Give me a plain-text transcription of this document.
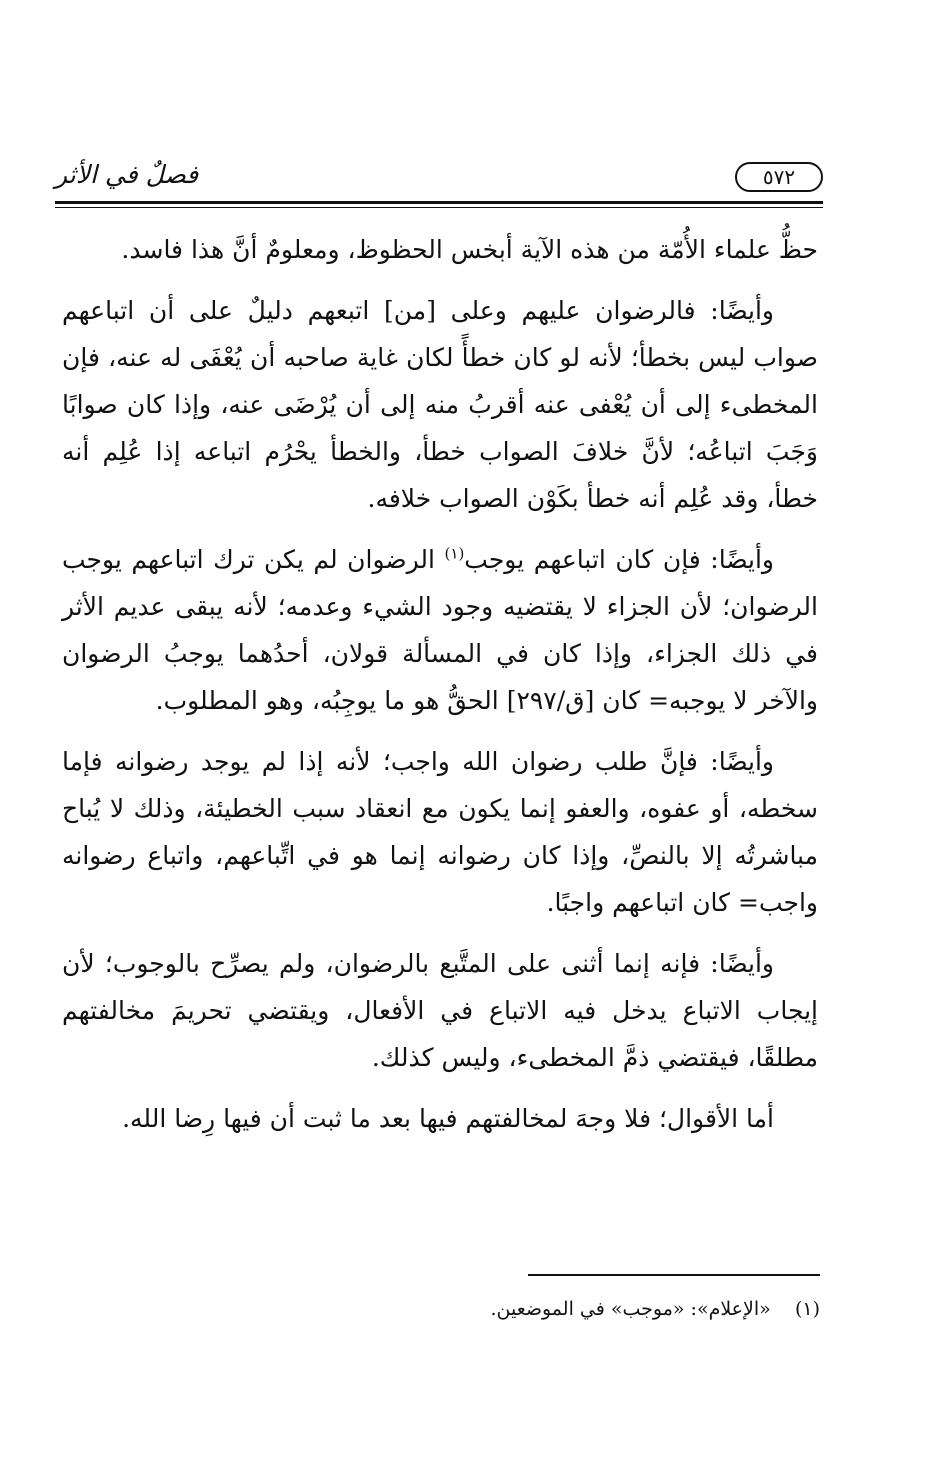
٥٧٢
فصلٌ في الأثر

حظُّ علماء الأُمّة من هذه الآية أبخس الحظوظ، ومعلومٌ أنَّ هذا فاسد.

وأيضًا: فالرضوان عليهم وعلى [من] اتبعهم دليلٌ على أن اتباعهم صواب ليس بخطأ؛ لأنه لو كان خطأً لكان غاية صاحبه أن يُعْفَى له عنه، فإن المخطىء إلى أن يُعْفى عنه أقربُ منه إلى أن يُرْضَى عنه، وإذا كان صوابًا وَجَبَ اتباعُه؛ لأنَّ خلافَ الصواب خطأ، والخطأ يحْرُم اتباعه إذا عُلِم أنه خطأ، وقد عُلِم أنه خطأ بكَوْن الصواب خلافه.

وأيضًا: فإن كان اتباعهم يوجب$^{(١)}$ الرضوان لم يكن ترك اتباعهم يوجب الرضوان؛ لأن الجزاء لا يقتضيه وجود الشيء وعدمه؛ لأنه يبقى عديم الأثر في ذلك الجزاء، وإذا كان في المسألة قولان، أحدُهما يوجبُ الرضوان والآخر لا يوجبه= كان [ق/٢٩٧] الحقُّ هو ما يوجِبُه، وهو المطلوب.

وأيضًا: فإنَّ طلب رضوان الله واجب؛ لأنه إذا لم يوجد رضوانه فإما سخطه، أو عفوه، والعفو إنما يكون مع انعقاد سبب الخطيئة، وذلك لا يُباح مباشرتُه إلا بالنصِّ، وإذا كان رضوانه إنما هو في اتِّباعهم، واتباع رضوانه واجب= كان اتباعهم واجبًا.

وأيضًا: فإنه إنما أثنى على المتَّبع بالرضوان، ولم يصرِّح بالوجوب؛ لأن إيجاب الاتباع يدخل فيه الاتباع في الأفعال، ويقتضي تحريمَ مخالفتهم مطلقًا، فيقتضي ذمَّ المخطىء، وليس كذلك.

أما الأقوال؛ فلا وجهَ لمخالفتهم فيها بعد ما ثبت أن فيها رِضا الله.

(١)    «الإعلام»: «موجب» في الموضعين.
